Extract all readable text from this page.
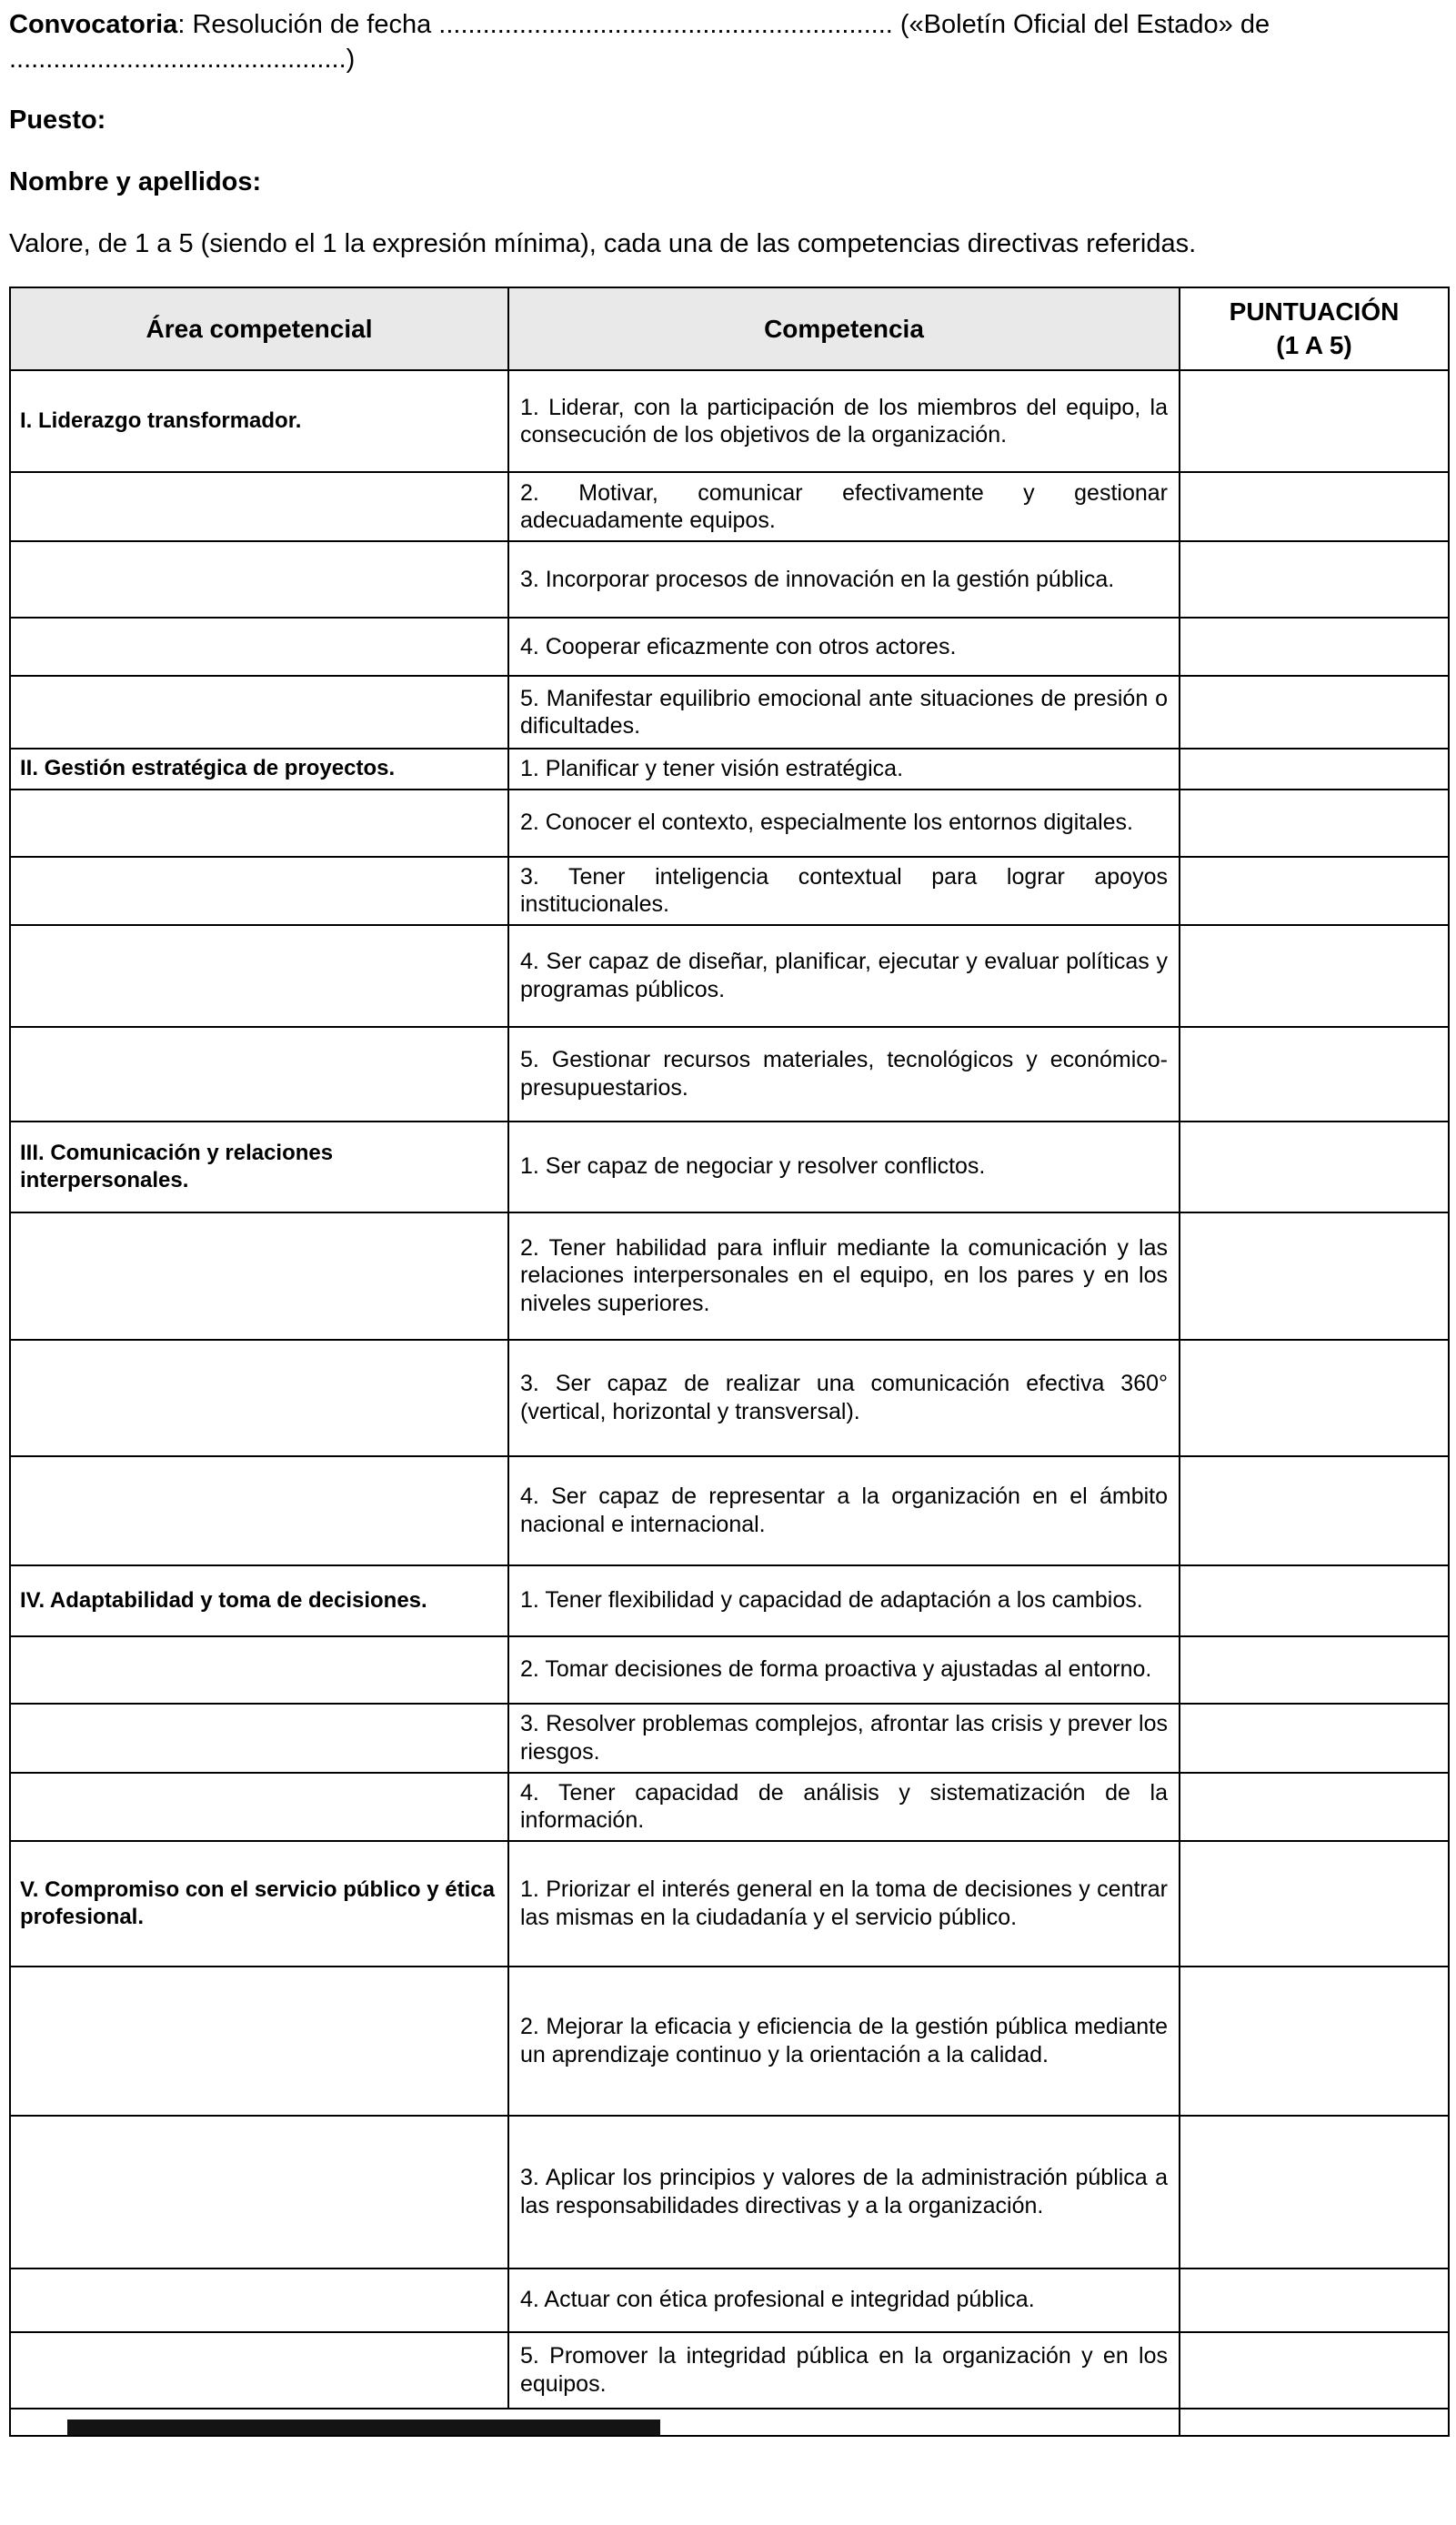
Convocatoria: Resolución de fecha .............................................................. («Boletín Oficial del Estado» de ..............................................)

Puesto:

Nombre y apellidos:

Valore, de 1 a 5 (siendo el 1 la expresión mínima), cada una de las competencias directivas referidas.

Área competencial	Competencia	PUNTUACIÓN
(1 A 5)

I. Liderazgo transformador.	1. Liderar, con la participación de los miembros del equipo, la consecución de los objetivos de la organización.	
	2. Motivar, comunicar efectivamente y gestionar adecuadamente equipos.	
	3. Incorporar procesos de innovación en la gestión pública.	
	4. Cooperar eficazmente con otros actores.	
	5. Manifestar equilibrio emocional ante situaciones de presión o dificultades.	
II. Gestión estratégica de proyectos.	1. Planificar y tener visión estratégica.	
	2. Conocer el contexto, especialmente los entornos digitales.	
	3. Tener inteligencia contextual para lograr apoyos institucionales.	
	4. Ser capaz de diseñar, planificar, ejecutar y evaluar políticas y programas públicos.	
	5. Gestionar recursos materiales, tecnológicos y económico-presupuestarios.	
III. Comunicación y relaciones interpersonales.	1. Ser capaz de negociar y resolver conflictos.	
	2. Tener habilidad para influir mediante la comunicación y las relaciones interpersonales en el equipo, en los pares y en los niveles superiores.	
	3. Ser capaz de realizar una comunicación efectiva 360° (vertical, horizontal y transversal).	
	4. Ser capaz de representar a la organización en el ámbito nacional e internacional.	
IV. Adaptabilidad y toma de decisiones.	1. Tener flexibilidad y capacidad de adaptación a los cambios.	
	2. Tomar decisiones de forma proactiva y ajustadas al entorno.	
	3. Resolver problemas complejos, afrontar las crisis y prever los riesgos.	
	4. Tener capacidad de análisis y sistematización de la información.	
V. Compromiso con el servicio público y ética profesional.	1. Priorizar el interés general en la toma de decisiones y centrar las mismas en la ciudadanía y el servicio público.	
	2. Mejorar la eficacia y eficiencia de la gestión pública mediante un aprendizaje continuo y la orientación a la calidad.	
	3. Aplicar los principios y valores de la administración pública a las responsabilidades directivas y a la organización.	
	4. Actuar con ética profesional e integridad pública.	
	5. Promover la integridad pública en la organización y en los equipos.	
